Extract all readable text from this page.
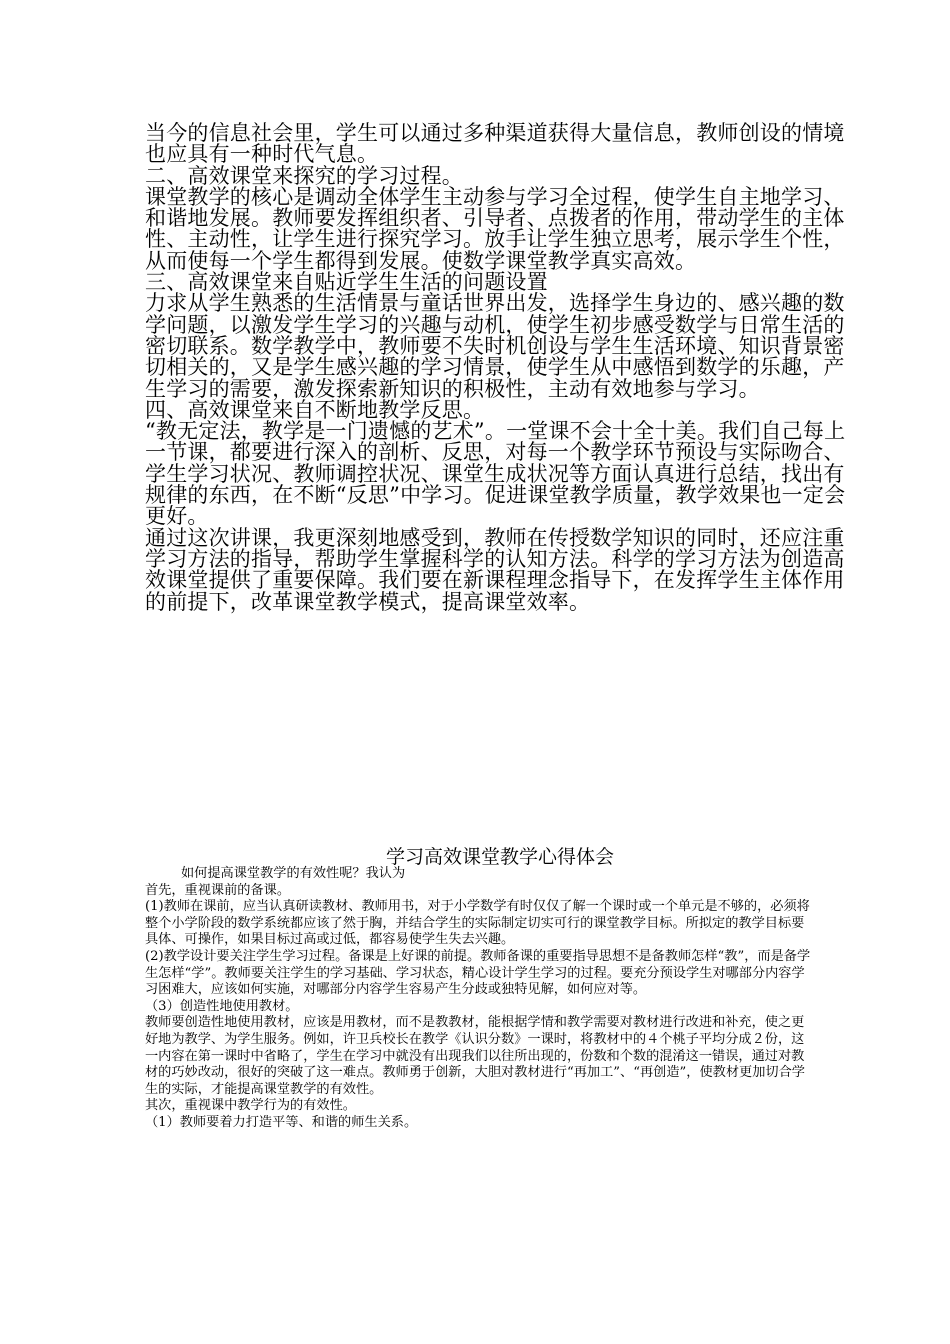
当今的信息社会里，学生可以通过多种渠道获得大量信息，教师创设的情境也应具有一种时代气息。

二、高效课堂来探究的学习过程。

课堂教学的核心是调动全体学生主动参与学习全过程，使学生自主地学习、和谐地发展。教师要发挥组织者、引导者、点拨者的作用，带动学生的主体性、主动性，让学生进行探究学习。放手让学生独立思考，展示学生个性，从而使每一个学生都得到发展。使数学课堂教学真实高效。

三、高效课堂来自贴近学生生活的问题设置

力求从学生熟悉的生活情景与童话世界出发，选择学生身边的、感兴趣的数学问题，以激发学生学习的兴趣与动机，使学生初步感受数学与日常生活的密切联系。数学教学中，教师要不失时机创设与学生生活环境、知识背景密切相关的，又是学生感兴趣的学习情景，使学生从中感悟到数学的乐趣，产生学习的需要，激发探索新知识的积极性，主动有效地参与学习。

四、高效课堂来自不断地教学反思。

“教无定法，教学是一门遗憾的艺术”。一堂课不会十全十美。我们自己每上一节课，都要进行深入的剖析、反思，对每一个教学环节预设与实际吻合、学生学习状况、教师调控状况、课堂生成状况等方面认真进行总结，找出有规律的东西，在不断“反思”中学习。促进课堂教学质量，教学效果也一定会更好。

通过这次讲课，我更深刻地感受到，教师在传授数学知识的同时，还应注重学习方法的指导，帮助学生掌握科学的认知方法。科学的学习方法为创造高效课堂提供了重要保障。我们要在新课程理念指导下，在发挥学生主体作用的前提下，改革课堂教学模式，提高课堂效率。

学习高效课堂教学心得体会

如何提高课堂教学的有效性呢？我认为

首先，重视课前的备课。

(1)教师在课前，应当认真研读教材、教师用书，对于小学数学有时仅仅了解一个课时或一个单元是不够的，必须将整个小学阶段的数学系统都应该了然于胸，并结合学生的实际制定切实可行的课堂教学目标。所拟定的教学目标要具体、可操作，如果目标过高或过低，都容易使学生失去兴趣。

(2)教学设计要关注学生学习过程。备课是上好课的前提。教师备课的重要指导思想不是备教师怎样“教”，而是备学生怎样“学”。教师要关注学生的学习基础、学习状态，精心设计学生学习的过程。要充分预设学生对哪部分内容学习困难大，应该如何实施，对哪部分内容学生容易产生分歧或独特见解，如何应对等。

（3）创造性地使用教材。

教师要创造性地使用教材，应该是用教材，而不是教教材，能根据学情和教学需要对教材进行改进和补充，使之更好地为教学、为学生服务。例如，许卫兵校长在教学《认识分数》一课时，将教材中的４个桃子平均分成２份，这一内容在第一课时中省略了，学生在学习中就没有出现我们以往所出现的，份数和个数的混淆这一错误，通过对教材的巧妙改动，很好的突破了这一难点。教师勇于创新，大胆对教材进行“再加工”、“再创造”，使教材更加切合学生的实际，才能提高课堂教学的有效性。

其次，重视课中教学行为的有效性。

（1）教师要着力打造平等、和谐的师生关系。
